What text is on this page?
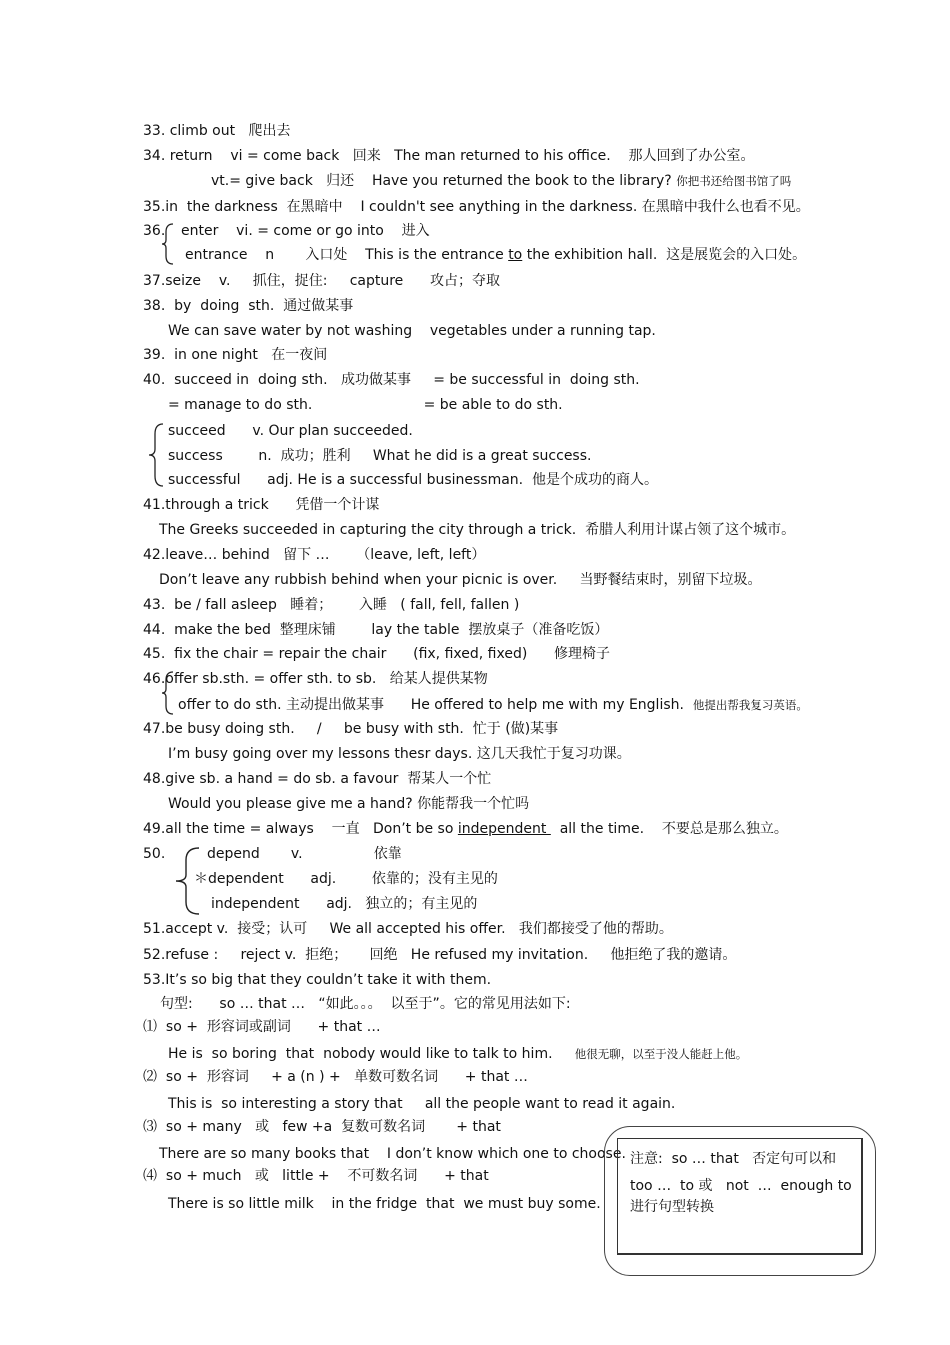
33. climb out   爬出去
34. return    vi = come back   回来   The man returned to his office.    那人回到了办公室。
vt.= give back   归还    Have you returned the book to the library? 你把书还给图书馆了吗
35.in  the darkness  在黑暗中    I couldn't see anything in the darkness. 在黑暗中我什么也看不见。
36. enter    vi. = come or go into    进入
entrance    n       入口处    This is the entrance to the exhibition hall.  这是展览会的入口处。
37.seize    v.     抓住，捉住:     capture      攻占；夺取
38.  by  doing  sth.  通过做某事
We can save water by not washing    vegetables under a running tap.
39.  in one night   在一夜间
40.  succeed in  doing sth.   成功做某事     = be successful in  doing sth.
= manage to do sth.                         = be able to do sth.
succeed      v. Our plan succeeded.
success        n.  成功；胜利     What he did is a great success.
successful      adj. He is a successful businessman.  他是个成功的商人。
41.through a trick      凭借一个计谋
The Greeks succeeded in capturing the city through a trick.  希腊人利用计谋占领了这个城市。
42.leave… behind   留下 …      （leave, left, left）
Don’t leave any rubbish behind when your picnic is over.     当野餐结束时，别留下垃圾。
43.  be / fall asleep   睡着；      入睡   ( fall, fell, fallen )
44.  make the bed  整理床铺        lay the table  摆放桌子（准备吃饭）
45.  fix the chair = repair the chair      (fix, fixed, fixed)      修理椅子
46.offer sb.sth. = offer sth. to sb.   给某人提供某物
offer to do sth. 主动提出做某事      He offered to help me with my English. 他提出帮我复习英语。
47.be busy doing sth.     /     be busy with sth.  忙于 (做)某事
I’m busy going over my lessons thesr days. 这几天我忙于复习功课。
48.give sb. a hand = do sb. a favour  帮某人一个忙
Would you please give me a hand? 你能帮我一个忙吗
49.all the time = always    一直   Don’t be so independent   all the time.    不要总是那么独立。
50.	depend       v.                依靠
＊dependent      adj.        依靠的；没有主见的
independent      adj.   独立的；有主见的
51.accept v.  接受；认可     We all accepted his offer.   我们都接受了他的帮助。
52.refuse :     reject v.  拒绝；     回绝   He refused my invitation.     他拒绝了我的邀请。
53.It’s so big that they couldn’t take it with them.
句型:      so … that …   “如此。。。  以至于”。它的常见用法如下:
⑴  so +  形容词或副词      + that …
He is  so boring  that  nobody would like to talk to him. 他很无聊，以至于没人能赶上他。
⑵  so +  形容词     + a (n ) +   单数可数名词      + that …
This is  so interesting a story that     all the people want to read it again.
⑶  so + many   或   few +a  复数可数名词       + that
There are so many books that    I don’t know which one to choose.
⑷  so + much   或   little +    不可数名词      + that
There is so little milk    in the fridge  that  we must buy some.
注意:  so … that   否定句可以和
too …  to 或   not  …  enough to
进行句型转换
